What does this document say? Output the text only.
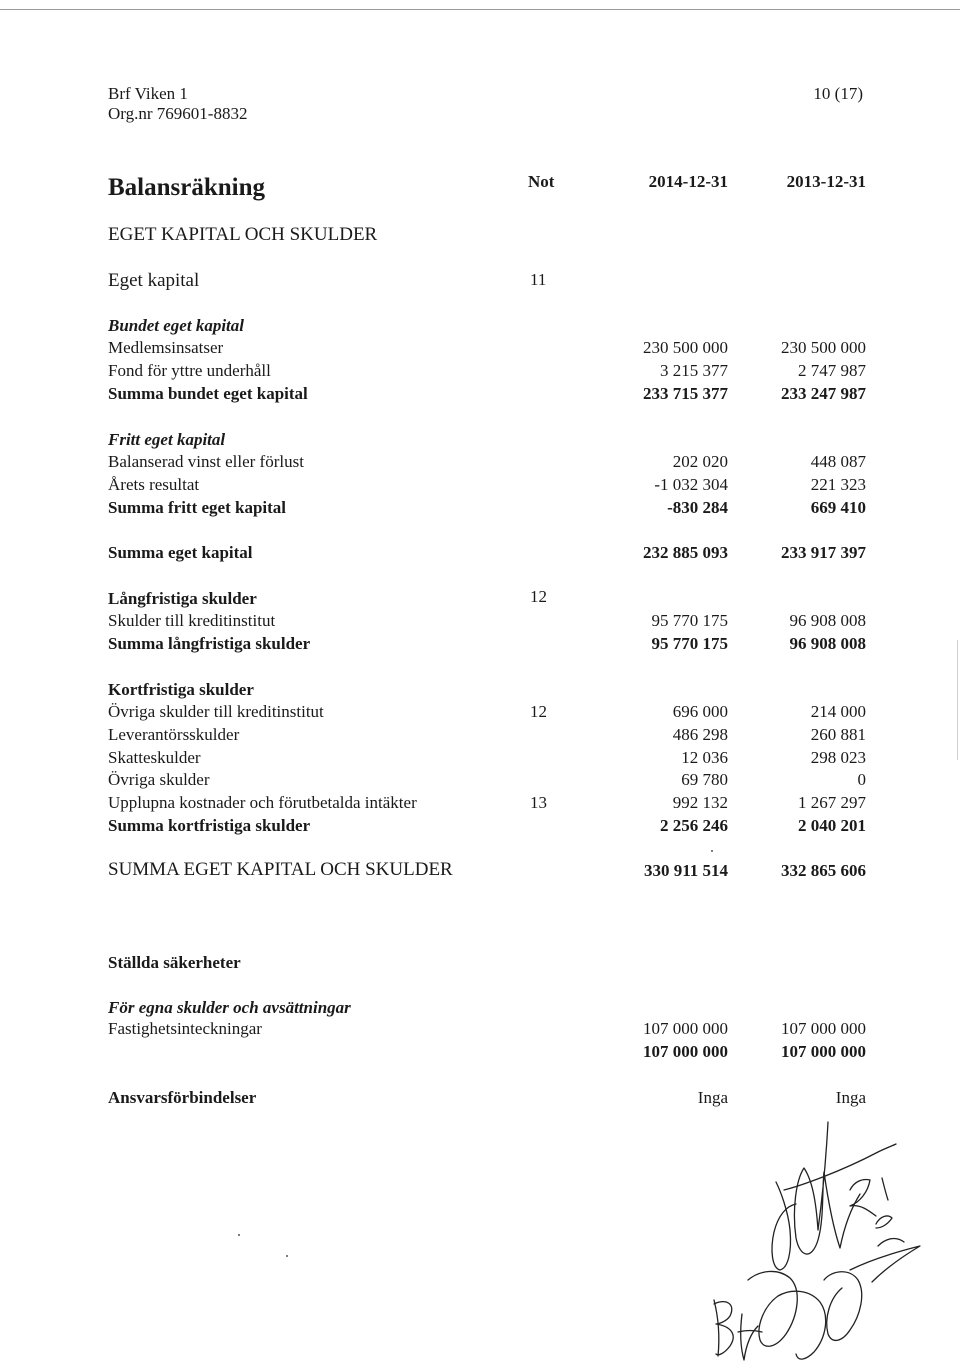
Brf Viken 1
Org.nr 769601-8832
10 (17)
Balansräkning	Not	2014-12-31	2013-12-31
EGET KAPITAL OCH SKULDER
Eget kapital	11
Bundet eget kapital
Medlemsinsatser	230 500 000	230 500 000
Fond för yttre underhåll	3 215 377	2 747 987
Summa bundet eget kapital	233 715 377	233 247 987
Fritt eget kapital
Balanserad vinst eller förlust	202 020	448 087
Årets resultat	-1 032 304	221 323
Summa fritt eget kapital	-830 284	669 410
Summa eget kapital	232 885 093	233 917 397
Långfristiga skulder	12
Skulder till kreditinstitut	95 770 175	96 908 008
Summa långfristiga skulder	95 770 175	96 908 008
Kortfristiga skulder
Övriga skulder till kreditinstitut	12	696 000	214 000
Leverantörsskulder	486 298	260 881
Skatteskulder	12 036	298 023
Övriga skulder	69 780	0
Upplupna kostnader och förutbetalda intäkter	13	992 132	1 267 297
Summa kortfristiga skulder	2 256 246	2 040 201
SUMMA EGET KAPITAL OCH SKULDER	330 911 514	332 865 606
Ställda säkerheter
För egna skulder och avsättningar
Fastighetsinteckningar	107 000 000	107 000 000
107 000 000	107 000 000
Ansvarsförbindelser	Inga	Inga
